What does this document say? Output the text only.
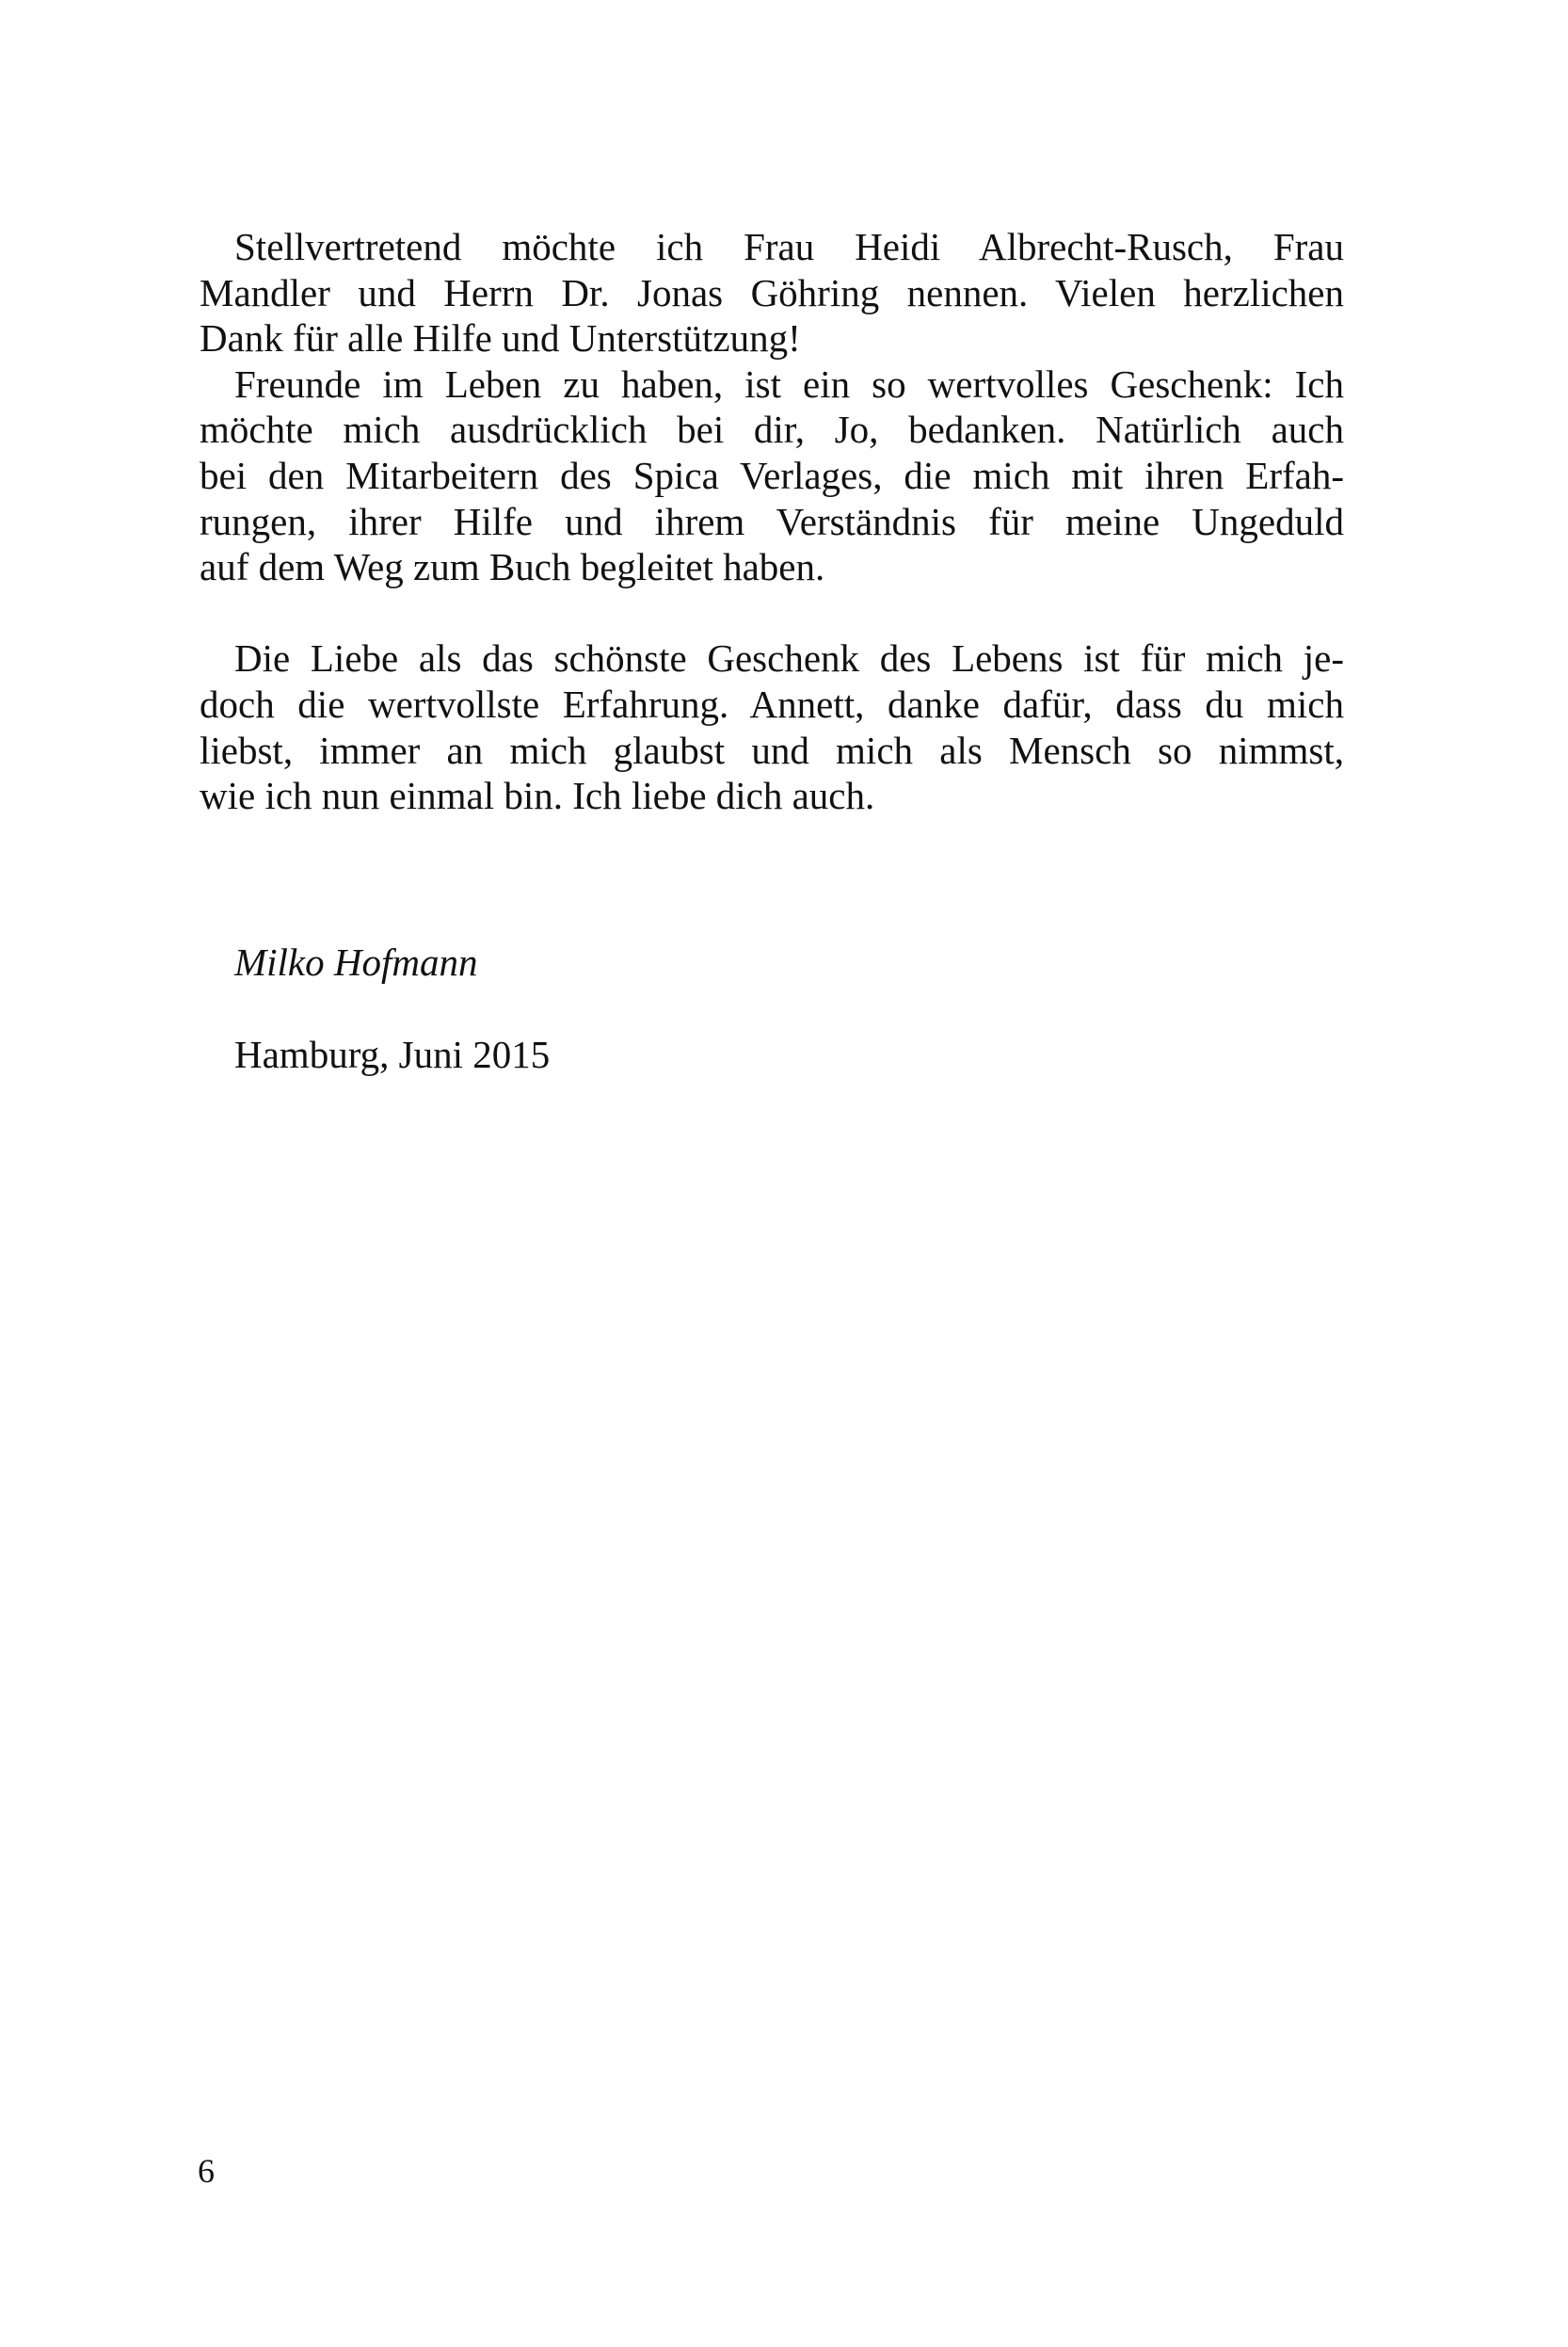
Stellvertretend möchte ich Frau Heidi Albrecht-Rusch, Frau
Mandler und Herrn Dr. Jonas Göhring nennen. Vielen herzlichen
Dank für alle Hilfe und Unterstützung!
Freunde im Leben zu haben, ist ein so wertvolles Geschenk: Ich
möchte mich ausdrücklich bei dir, Jo, bedanken. Natürlich auch
bei den Mitarbeitern des Spica Verlages, die mich mit ihren Erfah-
rungen, ihrer Hilfe und ihrem Verständnis für meine Ungeduld
auf dem Weg zum Buch begleitet haben.
Die Liebe als das schönste Geschenk des Lebens ist für mich je-
doch die wertvollste Erfahrung. Annett, danke dafür, dass du mich
liebst, immer an mich glaubst und mich als Mensch so nimmst,
wie ich nun einmal bin. Ich liebe dich auch.
Milko Hofmann
Hamburg, Juni 2015
6
